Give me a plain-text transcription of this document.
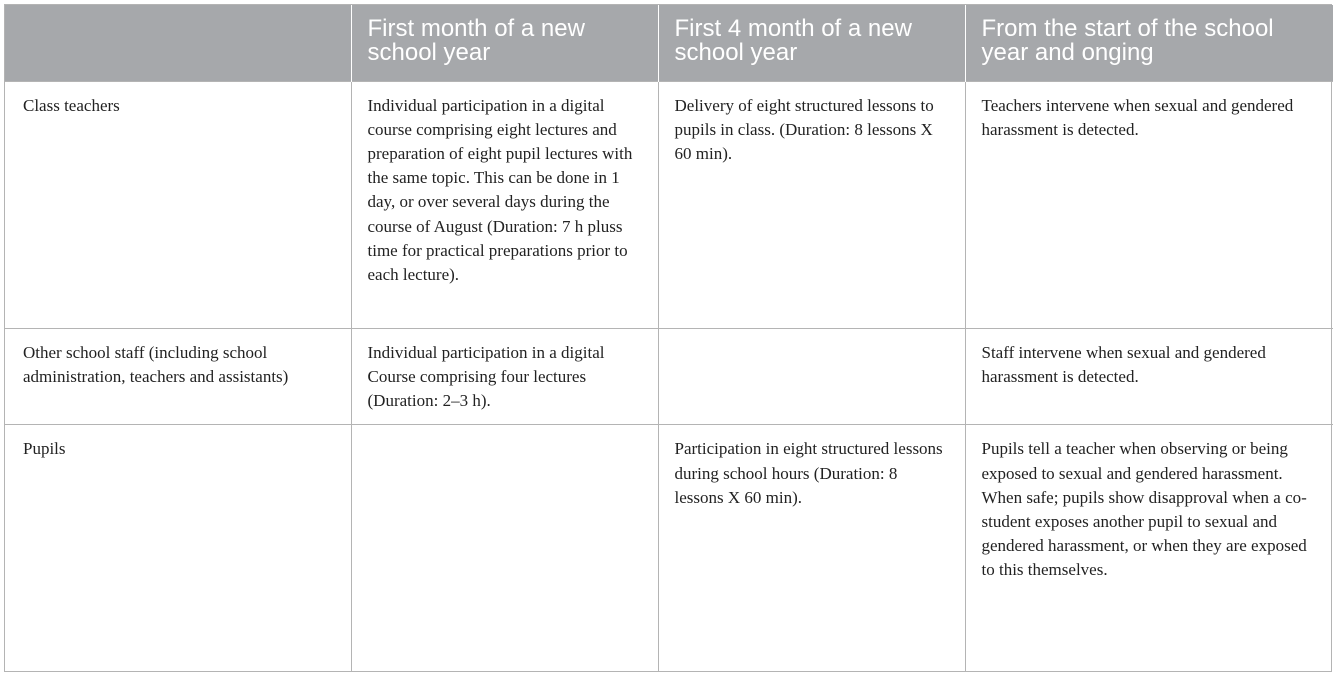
	First month of a new school year	First 4 month of a new school year	From the start of the school year and onging
Class teachers	Individual participation in a digital course comprising eight lectures and preparation of eight pupil lectures with the same topic. This can be done in 1 day, or over several days during the course of August (Duration: 7 h pluss time for practical preparations prior to each lecture).	Delivery of eight structured lessons to pupils in class. (Duration: 8 lessons X 60 min).	Teachers intervene when sexual and gendered harassment is detected.
Other school staff (including school administration, teachers and assistants)	Individual participation in a digital Course comprising four lectures (Duration: 2–3 h).		Staff intervene when sexual and gendered harassment is detected.
Pupils		Participation in eight structured lessons during school hours (Duration: 8 lessons X 60 min).	Pupils tell a teacher when observing or being exposed to sexual and gendered harassment. When safe; pupils show disapproval when a co-student exposes another pupil to sexual and gendered harassment, or when they are exposed to this themselves.
